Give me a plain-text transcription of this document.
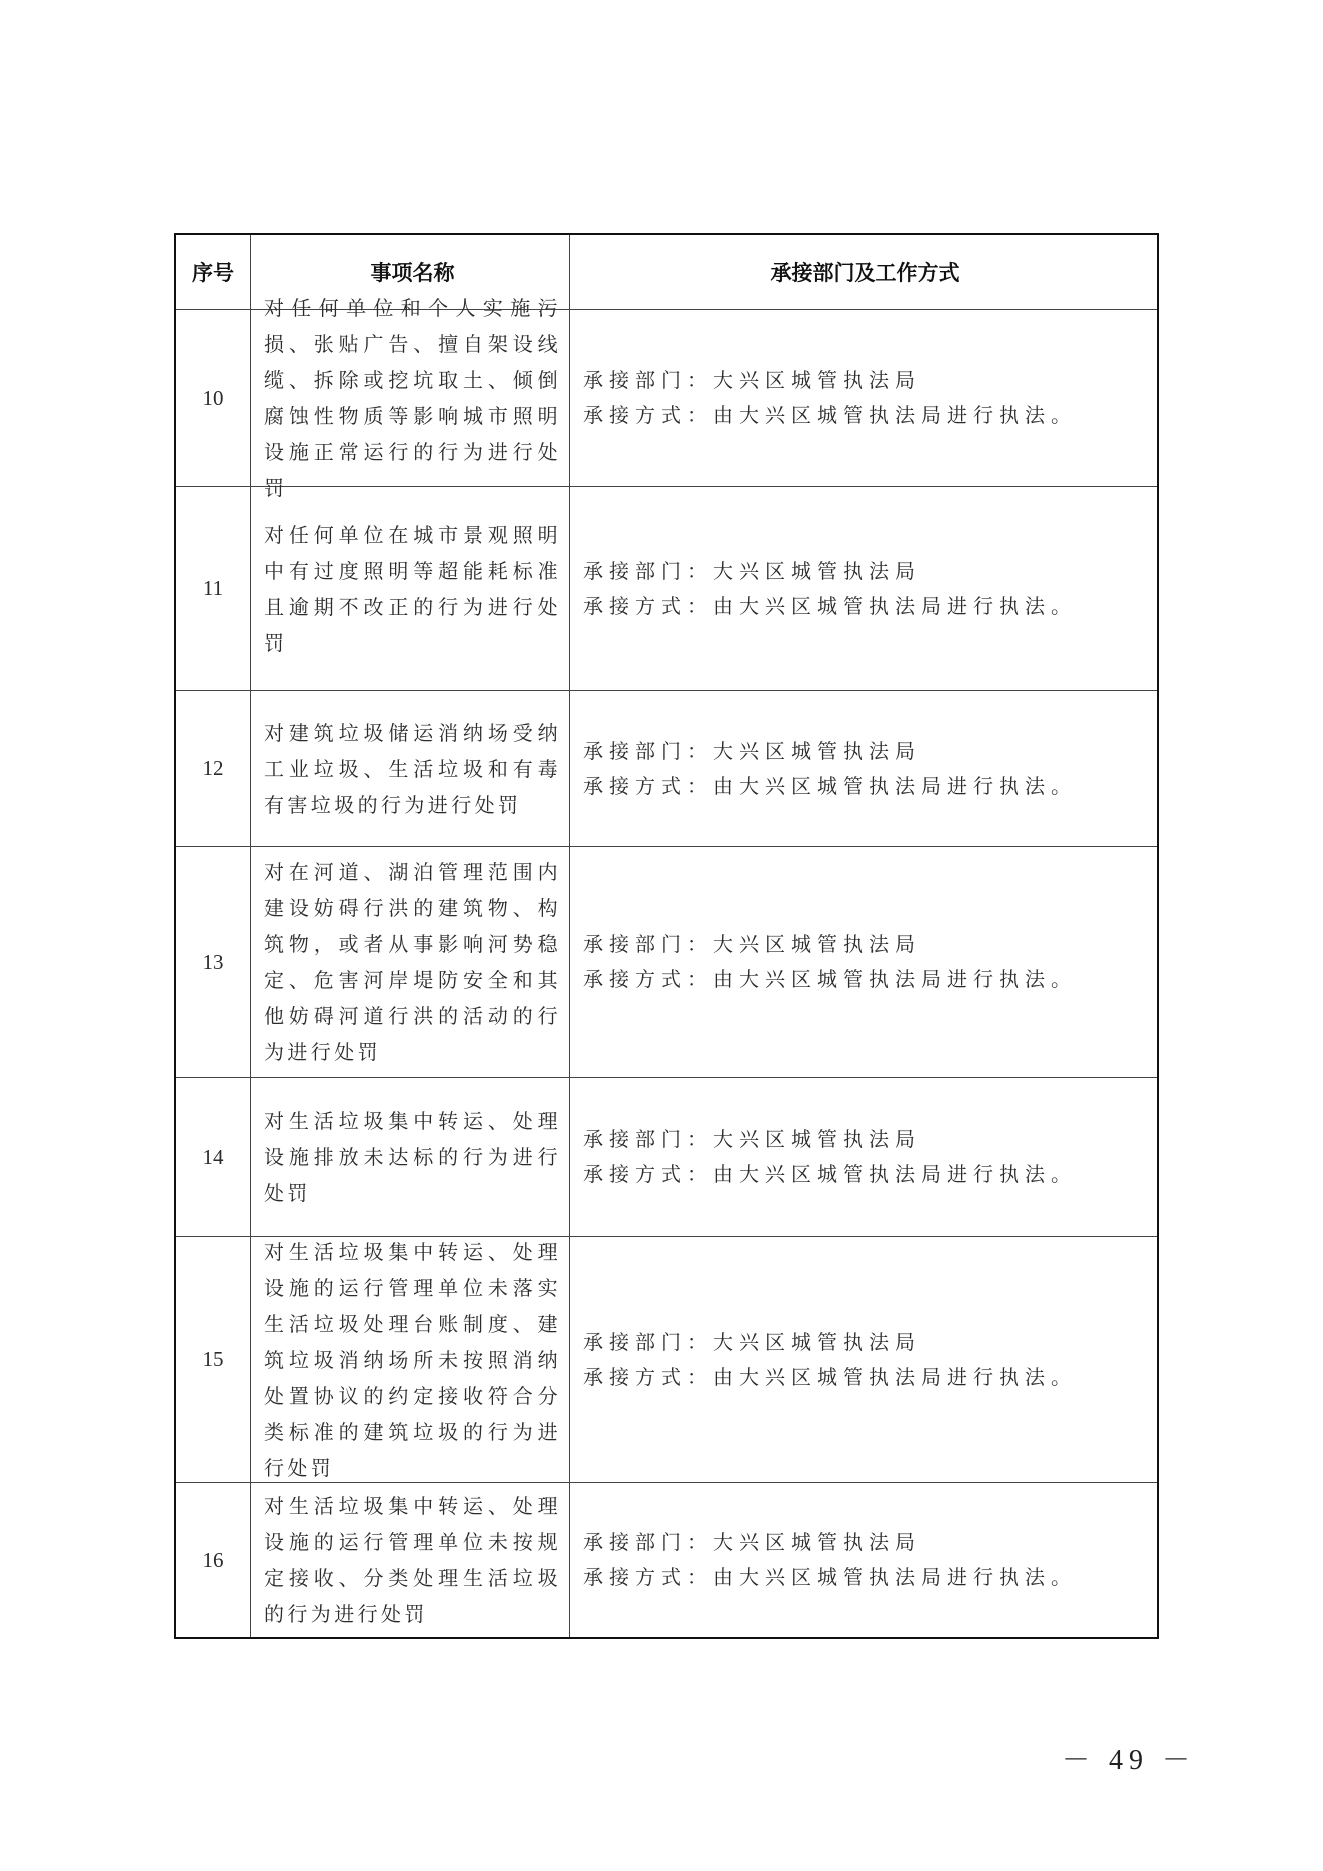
序号	事项名称	承接部门及工作方式
10
对任何单位和个人实施污损、张贴广告、擅自架设线缆、拆除或挖坑取土、倾倒腐蚀性物质等影响城市照明设施正常运行的行为进行处罚
承接部门：大兴区城管执法局
承接方式：由大兴区城管执法局进行执法。
11
对任何单位在城市景观照明中有过度照明等超能耗标准且逾期不改正的行为进行处罚
承接部门：大兴区城管执法局
承接方式：由大兴区城管执法局进行执法。
12
对建筑垃圾储运消纳场受纳工业垃圾、生活垃圾和有毒有害垃圾的行为进行处罚
承接部门：大兴区城管执法局
承接方式：由大兴区城管执法局进行执法。
13
对在河道、湖泊管理范围内建设妨碍行洪的建筑物、构筑物，或者从事影响河势稳定、危害河岸堤防安全和其他妨碍河道行洪的活动的行为进行处罚
承接部门：大兴区城管执法局
承接方式：由大兴区城管执法局进行执法。
14
对生活垃圾集中转运、处理设施排放未达标的行为进行处罚
承接部门：大兴区城管执法局
承接方式：由大兴区城管执法局进行执法。
15
对生活垃圾集中转运、处理设施的运行管理单位未落实生活垃圾处理台账制度、建筑垃圾消纳场所未按照消纳处置协议的约定接收符合分类标准的建筑垃圾的行为进行处罚
承接部门：大兴区城管执法局
承接方式：由大兴区城管执法局进行执法。
16
对生活垃圾集中转运、处理设施的运行管理单位未按规定接收、分类处理生活垃圾的行为进行处罚
承接部门：大兴区城管执法局
承接方式：由大兴区城管执法局进行执法。
－ 49 －
